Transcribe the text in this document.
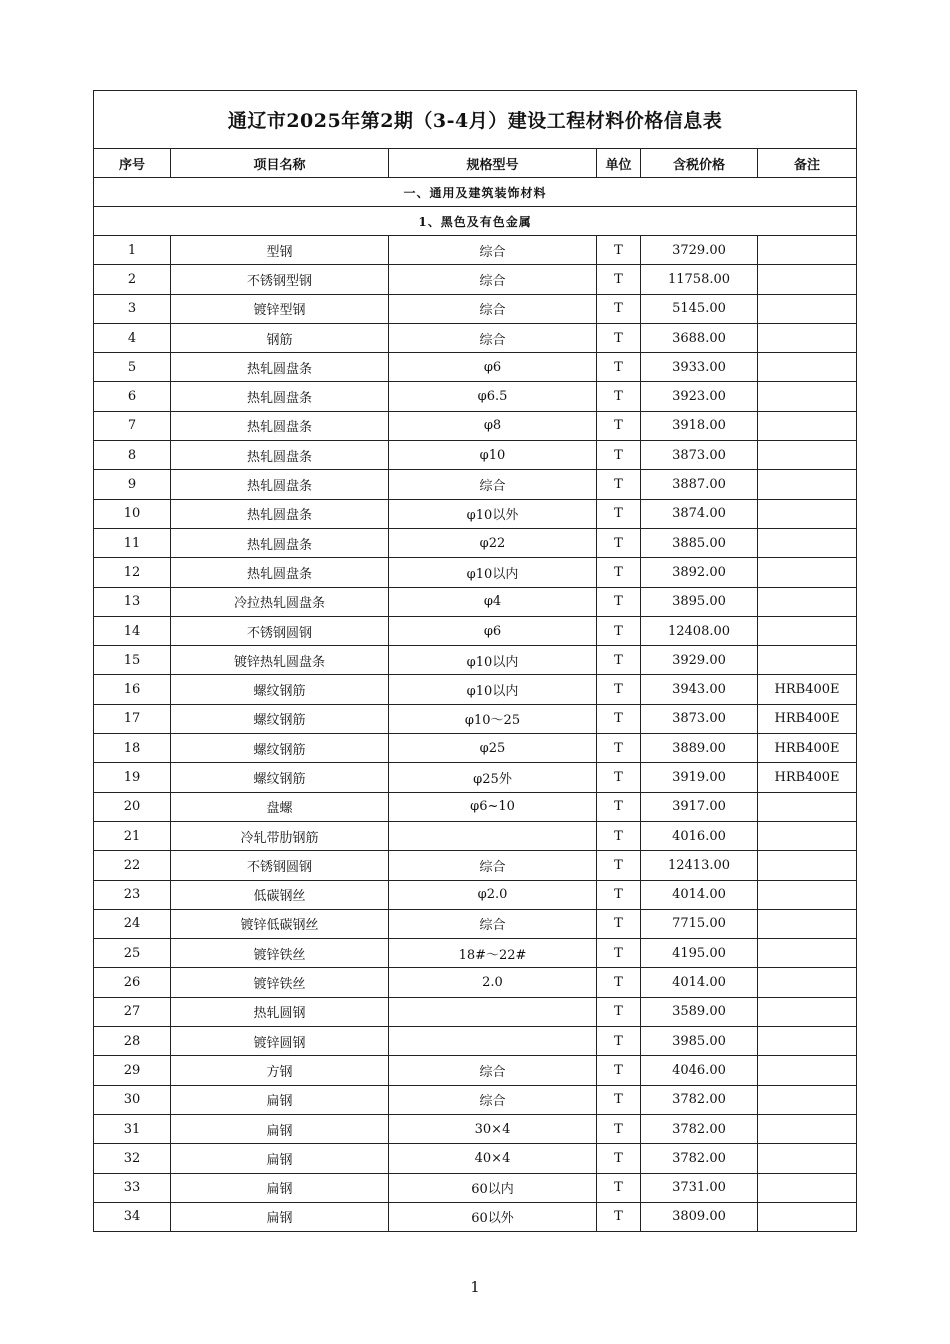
通辽市2025年第2期（3-4月）建设工程材料价格信息表					
序号	项目名称	规格型号	单位	含税价格	备注
一、通用及建筑装饰材料					
1、黑色及有色金属					
1	型钢	综合	T	3729.00	
2	不锈钢型钢	综合	T	11758.00	
3	镀锌型钢	综合	T	5145.00	
4	钢筋	综合	T	3688.00	
5	热轧圆盘条	φ6	T	3933.00	
6	热轧圆盘条	φ6.5	T	3923.00	
7	热轧圆盘条	φ8	T	3918.00	
8	热轧圆盘条	φ10	T	3873.00	
9	热轧圆盘条	综合	T	3887.00	
10	热轧圆盘条	φ10以外	T	3874.00	
11	热轧圆盘条	φ22	T	3885.00	
12	热轧圆盘条	φ10以内	T	3892.00	
13	冷拉热轧圆盘条	φ4	T	3895.00	
14	不锈钢圆钢	φ6	T	12408.00	
15	镀锌热轧圆盘条	φ10以内	T	3929.00	
16	螺纹钢筋	φ10以内	T	3943.00	HRB400E
17	螺纹钢筋	φ10～25	T	3873.00	HRB400E
18	螺纹钢筋	φ25	T	3889.00	HRB400E
19	螺纹钢筋	φ25外	T	3919.00	HRB400E
20	盘螺	φ6~10	T	3917.00	
21	冷轧带肋钢筋		T	4016.00	
22	不锈钢圆钢	综合	T	12413.00	
23	低碳钢丝	φ2.0	T	4014.00	
24	镀锌低碳钢丝	综合	T	7715.00	
25	镀锌铁丝	18#～22#	T	4195.00	
26	镀锌铁丝	2.0	T	4014.00	
27	热轧圆钢		T	3589.00	
28	镀锌圆钢		T	3985.00	
29	方钢	综合	T	4046.00	
30	扁钢	综合	T	3782.00	
31	扁钢	30×4	T	3782.00	
32	扁钢	40×4	T	3782.00	
33	扁钢	60以内	T	3731.00	
34	扁钢	60以外	T	3809.00	
1
